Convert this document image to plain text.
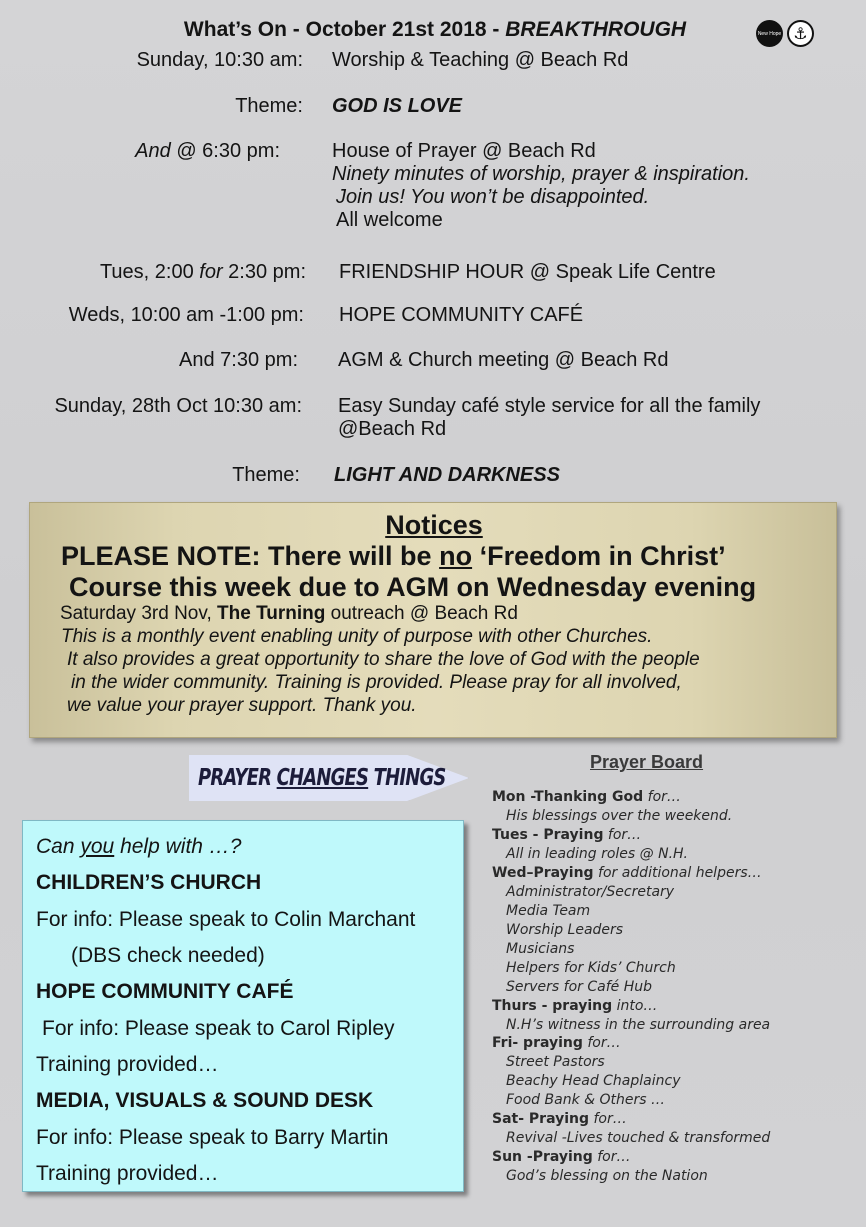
What’s On - October 21st 2018 - BREAKTHROUGH	New Hope ⚓
Sunday, 10:30 am: Worship & Teaching @ Beach Rd
Theme: GOD IS LOVE
And @ 6:30 pm:	House of Prayer @ Beach Rd
Ninety minutes of worship, prayer & inspiration.
Join us! You won’t be disappointed.
All welcome
Tues, 2:00 for 2:30 pm: FRIENDSHIP HOUR @ Speak Life Centre
Weds, 10:00 am -1:00 pm: HOPE COMMUNITY CAFÉ
And 7:30 pm: AGM & Church meeting @ Beach Rd
Sunday, 28th Oct 10:30 am: Easy Sunday café style service for all the family
@Beach Rd
Theme: LIGHT AND DARKNESS
Notices
PLEASE NOTE: There will be no ‘Freedom in Christ’
Course this week due to AGM on Wednesday evening
Saturday 3rd Nov, The Turning outreach @ Beach Rd
This is a monthly event enabling unity of purpose with other Churches.
It also provides a great opportunity to share the love of God with the people
in the wider community. Training is provided. Please pray for all involved,
we value your prayer support. Thank you.
PRAYER CHANGES THINGS
Can you help with …?
CHILDREN’S CHURCH
For info: Please speak to Colin Marchant
(DBS check needed)
HOPE COMMUNITY CAFÉ
For info: Please speak to Carol Ripley
Training provided…
MEDIA, VISUALS & SOUND DESK
For info: Please speak to Barry Martin
Training provided…
Prayer Board
Mon -Thanking God for…
His blessings over the weekend.
Tues - Praying for…
All in leading roles @ N.H.
Wed–Praying for additional helpers…
Administrator/Secretary
Media Team
Worship Leaders
Musicians
Helpers for Kids’ Church
Servers for Café Hub
Thurs - praying into…
N.H’s witness in the surrounding area
Fri- praying for…
Street Pastors
Beachy Head Chaplaincy
Food Bank & Others …
Sat- Praying for…
Revival -Lives touched & transformed
Sun -Praying for…
God’s blessing on the Nation
